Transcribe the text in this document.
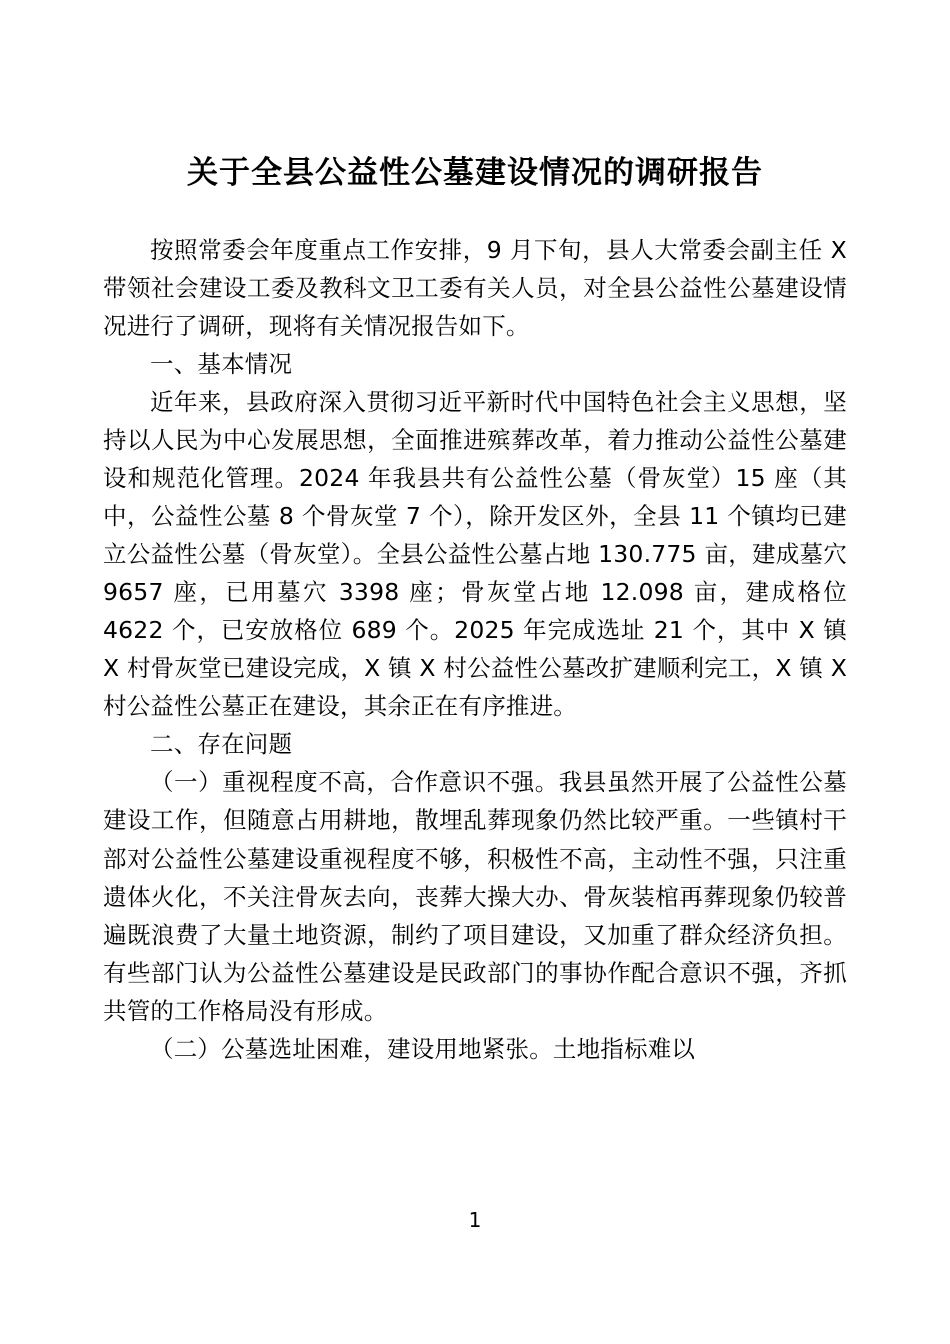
关于全县公益性公墓建设情况的调研报告

按照常委会年度重点工作安排，9 月下旬，县人大常委会副主任 X 带领社会建设工委及教科文卫工委有关人员，对全县公益性公墓建设情况进行了调研，现将有关情况报告如下。

一、基本情况

近年来，县政府深入贯彻习近平新时代中国特色社会主义思想，坚持以人民为中心发展思想，全面推进殡葬改革，着力推动公益性公墓建设和规范化管理。2024 年我县共有公益性公墓（骨灰堂）15 座（其中，公益性公墓 8 个骨灰堂 7 个），除开发区外，全县 11 个镇均已建立公益性公墓（骨灰堂）。全县公益性公墓占地 130.775 亩，建成墓穴 9657 座，已用墓穴 3398 座；骨灰堂占地 12.098 亩，建成格位 4622 个，已安放格位 689 个。2025 年完成选址 21 个，其中 X 镇 X 村骨灰堂已建设完成，X 镇 X 村公益性公墓改扩建顺利完工，X 镇 X 村公益性公墓正在建设，其余正在有序推进。

二、存在问题

（一）重视程度不高，合作意识不强。我县虽然开展了公益性公墓建设工作，但随意占用耕地，散埋乱葬现象仍然比较严重。一些镇村干部对公益性公墓建设重视程度不够，积极性不高，主动性不强，只注重遗体火化，不关注骨灰去向，丧葬大操大办、骨灰装棺再葬现象仍较普遍既浪费了大量土地资源，制约了项目建设，又加重了群众经济负担。有些部门认为公益性公墓建设是民政部门的事协作配合意识不强，齐抓共管的工作格局没有形成。

（二）公墓选址困难，建设用地紧张。土地指标难以

1
